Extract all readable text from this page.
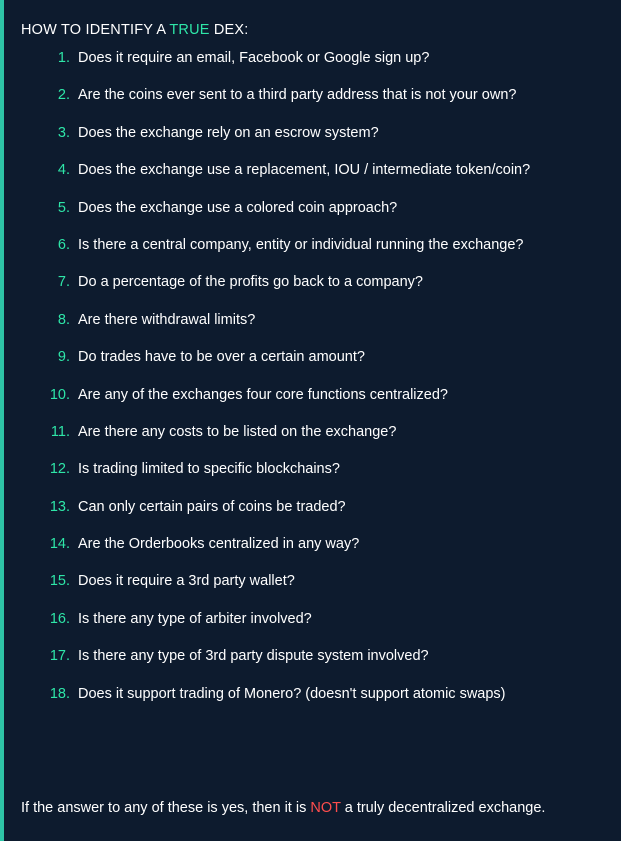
HOW TO IDENTIFY A TRUE DEX:
1. Does it require an email, Facebook or Google sign up?
2. Are the coins ever sent to a third party address that is not your own?
3. Does the exchange rely on an escrow system?
4. Does the exchange use a replacement, IOU / intermediate token/coin?
5. Does the exchange use a colored coin approach?
6. Is there a central company, entity or individual running the exchange?
7. Do a percentage of the profits go back to a company?
8. Are there withdrawal limits?
9. Do trades have to be over a certain amount?
10. Are any of the exchanges four core functions centralized?
11. Are there any costs to be listed on the exchange?
12. Is trading limited to specific blockchains?
13. Can only certain pairs of coins be traded?
14. Are the Orderbooks centralized in any way?
15. Does it require a 3rd party wallet?
16. Is there any type of arbiter involved?
17. Is there any type of 3rd party dispute system involved?
18. Does it support trading of Monero? (doesn't support atomic swaps)
If the answer to any of these is yes, then it is NOT a truly decentralized exchange.
